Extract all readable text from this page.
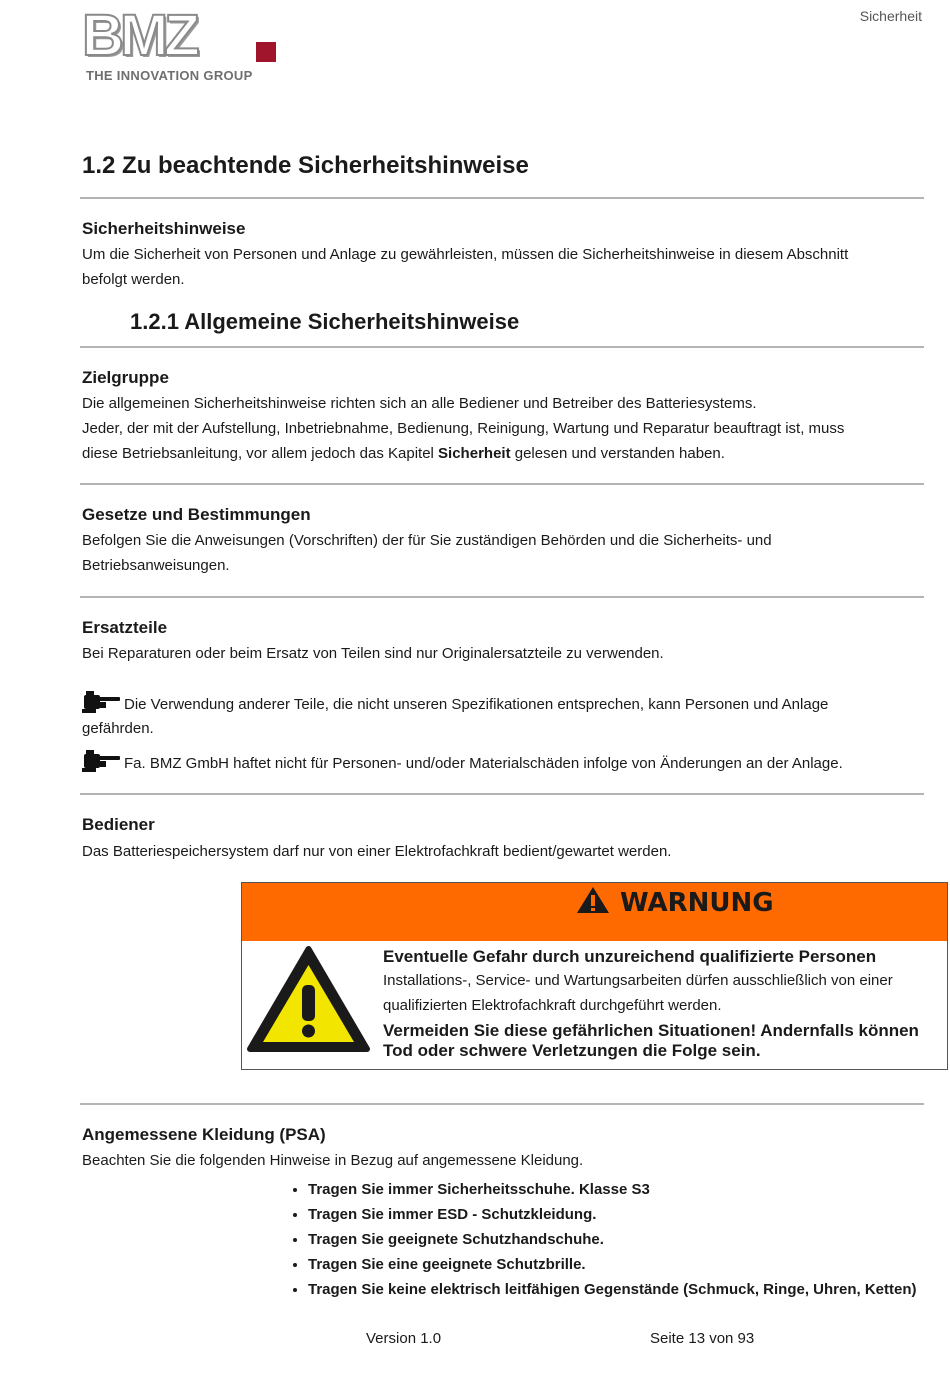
BMZ
THE INNOVATION GROUP
Sicherheit
1.2 Zu beachtende Sicherheitshinweise
Sicherheitshinweise
Um die Sicherheit von Personen und Anlage zu gewährleisten, müssen die Sicherheitshinweise in diesem Abschnitt
befolgt werden.
1.2.1 Allgemeine Sicherheitshinweise
Zielgruppe
Die allgemeinen Sicherheitshinweise richten sich an alle Bediener und Betreiber des Batteriesystems.
Jeder, der mit der Aufstellung, Inbetriebnahme, Bedienung, Reinigung, Wartung und Reparatur beauftragt ist, muss
diese Betriebsanleitung, vor allem jedoch das Kapitel Sicherheit gelesen und verstanden haben.
Gesetze und Bestimmungen
Befolgen Sie die Anweisungen (Vorschriften) der für Sie zuständigen Behörden und die Sicherheits- und
Betriebsanweisungen.
Ersatzteile
Bei Reparaturen oder beim Ersatz von Teilen sind nur Originalersatzteile zu verwenden.
Die Verwendung anderer Teile, die nicht unseren Spezifikationen entsprechen, kann Personen und Anlage
gefährden.
Fa. BMZ GmbH haftet nicht für Personen- und/oder Materialschäden infolge von Änderungen an der Anlage.
Bediener
Das Batteriespeichersystem darf nur von einer Elektrofachkraft bedient/gewartet werden.
WARNUNG
Eventuelle Gefahr durch unzureichend qualifizierte Personen
Installations-, Service- und Wartungsarbeiten dürfen ausschließlich von einer
qualifizierten Elektrofachkraft durchgeführt werden.
Vermeiden Sie diese gefährlichen Situationen! Andernfalls können
Tod oder schwere Verletzungen die Folge sein.
Angemessene Kleidung (PSA)
Beachten Sie die folgenden Hinweise in Bezug auf angemessene Kleidung.
• Tragen Sie immer Sicherheitsschuhe. Klasse S3
• Tragen Sie immer ESD - Schutzkleidung.
• Tragen Sie geeignete Schutzhandschuhe.
• Tragen Sie eine geeignete Schutzbrille.
• Tragen Sie keine elektrisch leitfähigen Gegenstände (Schmuck, Ringe, Uhren, Ketten)
Version 1.0	Seite 13 von 93
